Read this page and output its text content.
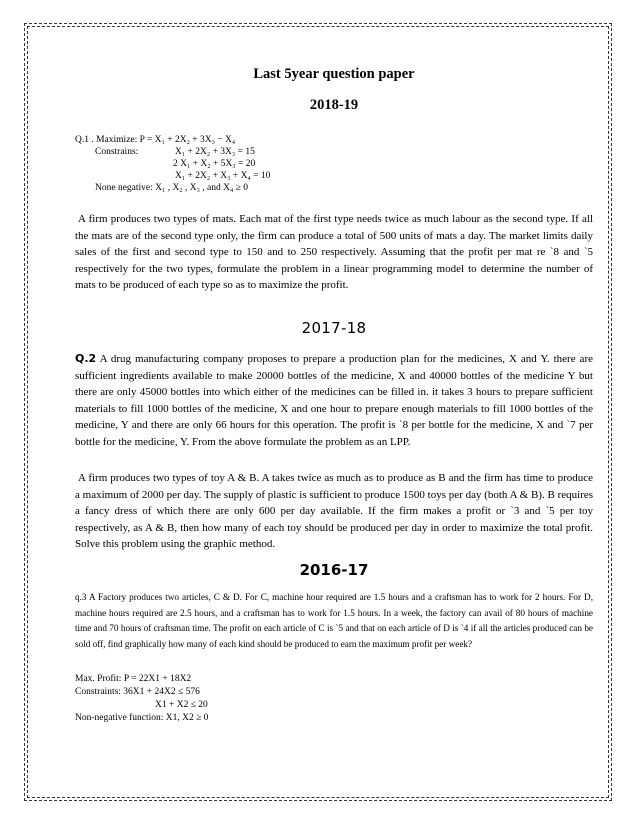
Last 5year question paper
2018-19
Q.1 . Maximize: P = X₁ + 2X₂ + 3X₃ − X₄
Constrains:	X₁ + 2X₂ + 3X₃ = 15
2 X₁ + X₂ + 5X₃ = 20
X₁ + 2X₂ + X₃ + X₄ = 10
None negative: X₁ , X₂ , X₃ , and X₄ ≥ 0
A firm produces two types of mats. Each mat of the first type needs twice as much labour as the second type. If all the mats are of the second type only, the firm can produce a total of 500 units of mats a day. The market limits daily sales of the first and second type to 150 and to 250 respectively. Assuming that the profit per mat re `8 and `5 respectively for the two types, formulate the problem in a linear programming model to determine the number of mats to be produced of each type so as to maximize the profit.
2017-18
Q.2 A drug manufacturing company proposes to prepare a production plan for the medicines, X and Y. there are sufficient ingredients available to make 20000 bottles of the medicine, X and 40000 bottles of the medicine Y but there are only 45000 bottles into which either of the medicines can be filled in. it takes 3 hours to prepare sufficient materials to fill 1000 bottles of the medicine, X and one hour to prepare enough materials to fill 1000 bottles of the medicine, Y and there are only 66 hours for this operation. The profit is `8 per bottle for the medicine, X and `7 per bottle for the medicine, Y. From the above formulate the problem as an LPP.
A firm produces two types of toy A & B. A takes twice as much as to produce as B and the firm has time to produce a maximum of 2000 per day. The supply of plastic is sufficient to produce 1500 toys per day (both A & B). B requires a fancy dress of which there are only 600 per day available. If the firm makes a profit or `3 and `5 per toy respectively, as A & B, then how many of each toy should be produced per day in order to maximize the total profit. Solve this problem using the graphic method.
2016-17
q.3 A Factory produces two articles, C & D. For C, machine hour required are 1.5 hours and a craftsman has to work for 2 hours. For D, machine hours required are 2.5 hours, and a craftsman has to work for 1.5 hours. In a week, the factory can avail of 80 hours of machine time and 70 hours of craftsman time. The profit on each article of C is `5 and that on each article of D is `4 if all the articles produced can be sold off, find graphically how many of each kind should be produced to earn the maximum profit per week?
Max. Profit: P = 22X1 + 18X2
Constraints: 36X1 + 24X2 ≤ 576
X1 + X2 ≤ 20
Non-negative function: X1, X2 ≥ 0
